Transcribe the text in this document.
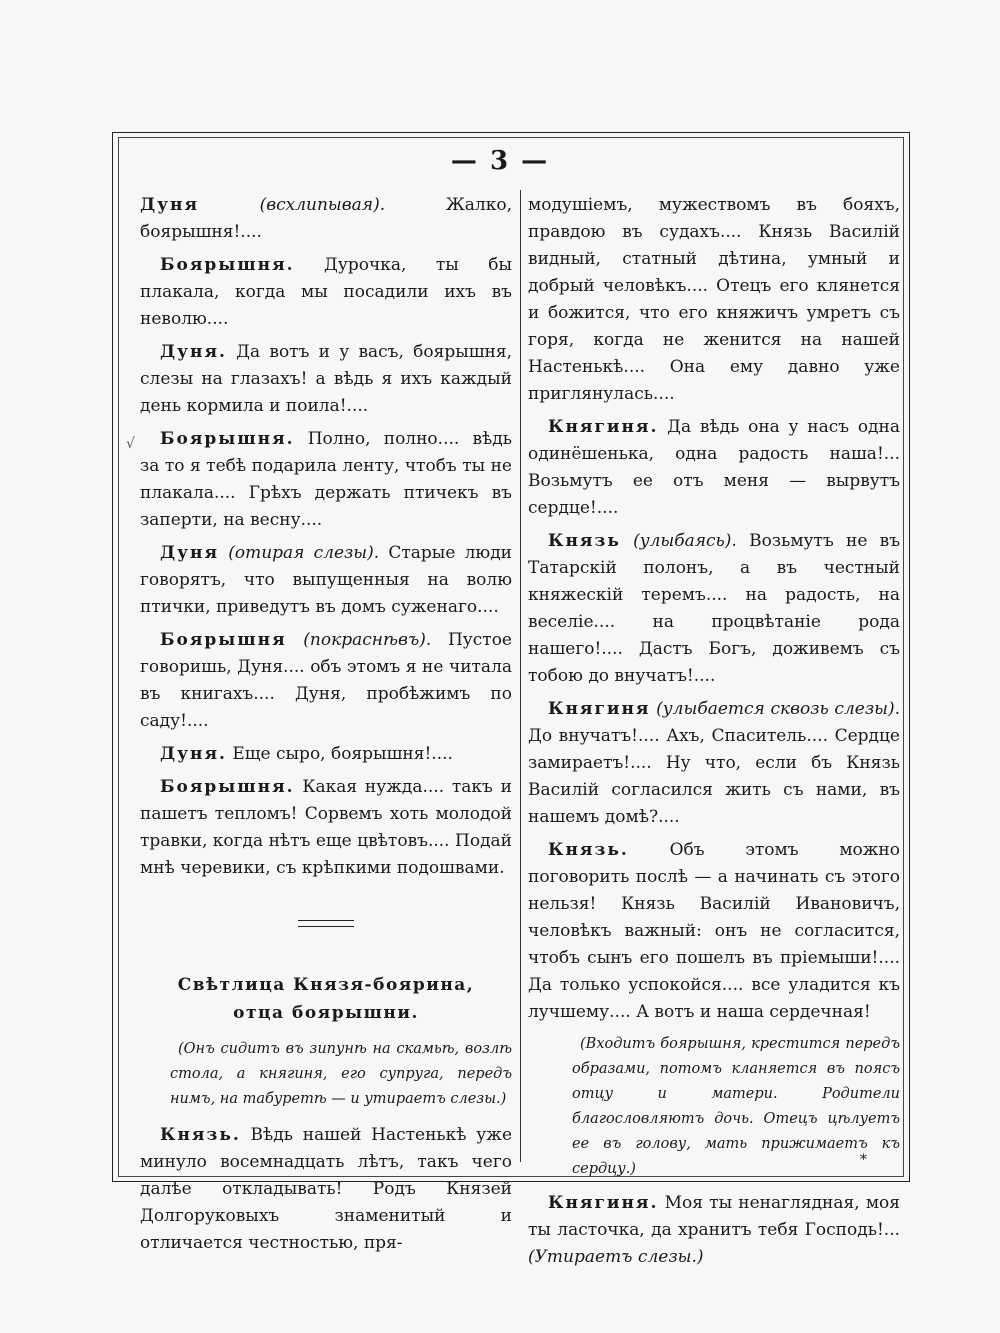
— 3 —
√

Дуня	(всхлипывая).	Жалко, боярышня!....

Боярышня. Дурочка, ты бы плакала, когда мы посадили ихъ въ неволю....

Дуня. Да вотъ и у васъ, боярышня, слезы на глазахъ! а вѣдь я ихъ каждый день кормила и поила!....

Боярышня. Полно, полно.... вѣдь за то я тебѣ подарила ленту, чтобъ ты не плакала.... Грѣхъ держать птичекъ въ заперти, на весну....

Дуня (отирая слезы). Старые люди говорятъ, что выпущенныя на волю птички, приведутъ въ домъ суженаго....

Боярышня (покраснѣвъ). Пустое говоришь, Дуня.... объ этомъ я не читала въ книгахъ.... Дуня, пробѣжимъ по саду!....

Дуня. Еще сыро, боярышня!....

Боярышня. Какая нужда.... такъ и пашетъ тепломъ! Сорвемъ хоть молодой травки, когда нѣтъ еще цвѣтовъ.... Подай мнѣ черевики, съ крѣпкими подошвами.

Свѣтлица Князя-боярина,
отца боярышни.
(Онъ сидитъ въ зипунѣ на скамьѣ, возлѣ стола, а княгиня, его супруга, передъ нимъ, на табуретѣ — и утираетъ слезы.)

Князь. Вѣдь нашей Настенькѣ уже минуло восемнадцать лѣтъ, такъ чего далѣе откладывать! Родъ Князей Долгоруковыхъ знаменитый и отличается честностью, пря-

модушіемъ, мужествомъ въ бояхъ, правдою въ судахъ.... Князь Василій видный, статный дѣтина, умный и добрый человѣкъ.... Отецъ его клянется и божится, что его княжичъ умретъ съ горя, когда не женится на нашей Настенькѣ.... Она ему давно уже приглянулась....

Княгиня. Да вѣдь она у насъ одна одинёшенька, одна радость наша!... Возьмутъ ее отъ меня — вырвутъ сердце!....

Князь (улыбаясь). Возьмутъ не въ Татарскій полонъ, а въ честный княжескій теремъ.... на радость, на веселіе.... на процвѣтаніе рода нашего!.... Дастъ Богъ, доживемъ съ тобою до внучатъ!....

Княгиня (улыбается сквозь слезы). До внучатъ!.... Ахъ, Спаситель.... Сердце замираетъ!.... Ну что, если бъ Князь Василій согласился жить съ нами, въ нашемъ домѣ?....

Князь. Объ этомъ можно поговорить послѣ — а начинать съ этого нельзя! Князь Василій Ивановичъ, человѣкъ важный: онъ не согласится, чтобъ сынъ его пошелъ въ пріемыши!.... Да только успокойся.... все уладится къ лучшему.... А вотъ и наша сердечная!

(Входитъ боярышня, крестится передъ образами, потомъ кланяется въ поясъ отцу и матери. Родители благословляютъ дочь. Отецъ цѣлуетъ ее въ голову, мать прижимаетъ къ сердцу.)

Княгиня. Моя ты ненаглядная, моя ты ласточка, да хранитъ тебя Господь!... (Утираетъ слезы.)

*
